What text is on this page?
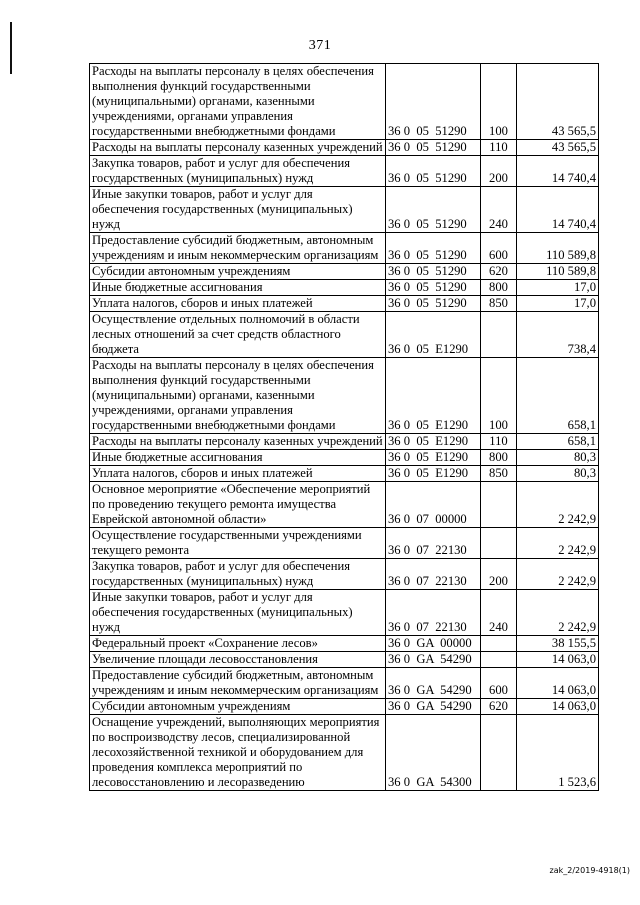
371
Расходы на выплаты персоналу в целях обеспечения выполнения функций государственными (муниципальными) органами, казенными учреждениями, органами управления государственными внебюджетными фондами	36 0  05  51290	100	43 565,5
Расходы на выплаты персоналу казенных учреждений	36 0  05  51290	110	43 565,5
Закупка товаров, работ и услуг для обеспечения государственных (муниципальных) нужд	36 0  05  51290	200	14 740,4
Иные закупки товаров, работ и услуг для обеспечения государственных (муниципальных) нужд	36 0  05  51290	240	14 740,4
Предоставление субсидий бюджетным, автономным учреждениям и иным некоммерческим организациям	36 0  05  51290	600	110 589,8
Субсидии автономным учреждениям	36 0  05  51290	620	110 589,8
Иные бюджетные ассигнования	36 0  05  51290	800	17,0
Уплата налогов, сборов и иных платежей	36 0  05  51290	850	17,0
Осуществление отдельных полномочий в области лесных отношений за счет средств областного бюджета	36 0  05  E1290		738,4
Расходы на выплаты персоналу в целях обеспечения выполнения функций государственными (муниципальными) органами, казенными учреждениями, органами управления государственными внебюджетными фондами	36 0  05  E1290	100	658,1
Расходы на выплаты персоналу казенных учреждений	36 0  05  E1290	110	658,1
Иные бюджетные ассигнования	36 0  05  E1290	800	80,3
Уплата налогов, сборов и иных платежей	36 0  05  E1290	850	80,3
Основное мероприятие «Обеспечение мероприятий по проведению текущего ремонта имущества Еврейской автономной области»	36 0  07  00000		2 242,9
Осуществление государственными учреждениями текущего ремонта	36 0  07  22130		2 242,9
Закупка товаров, работ и услуг для обеспечения государственных (муниципальных) нужд	36 0  07  22130	200	2 242,9
Иные закупки товаров, работ и услуг для обеспечения государственных (муниципальных) нужд	36 0  07  22130	240	2 242,9
Федеральный проект «Сохранение лесов»	36 0  GA  00000		38 155,5
Увеличение площади лесовосстановления	36 0  GA  54290		14 063,0
Предоставление субсидий бюджетным, автономным учреждениям и иным некоммерческим организациям	36 0  GA  54290	600	14 063,0
Субсидии автономным учреждениям	36 0  GA  54290	620	14 063,0
Оснащение учреждений, выполняющих мероприятия по воспроизводству лесов, специализированной лесохозяйственной техникой и оборудованием для проведения комплекса мероприятий по лесовосстановлению и лесоразведению	36 0  GA  54300		1 523,6
zak_2/2019-4918(1)
